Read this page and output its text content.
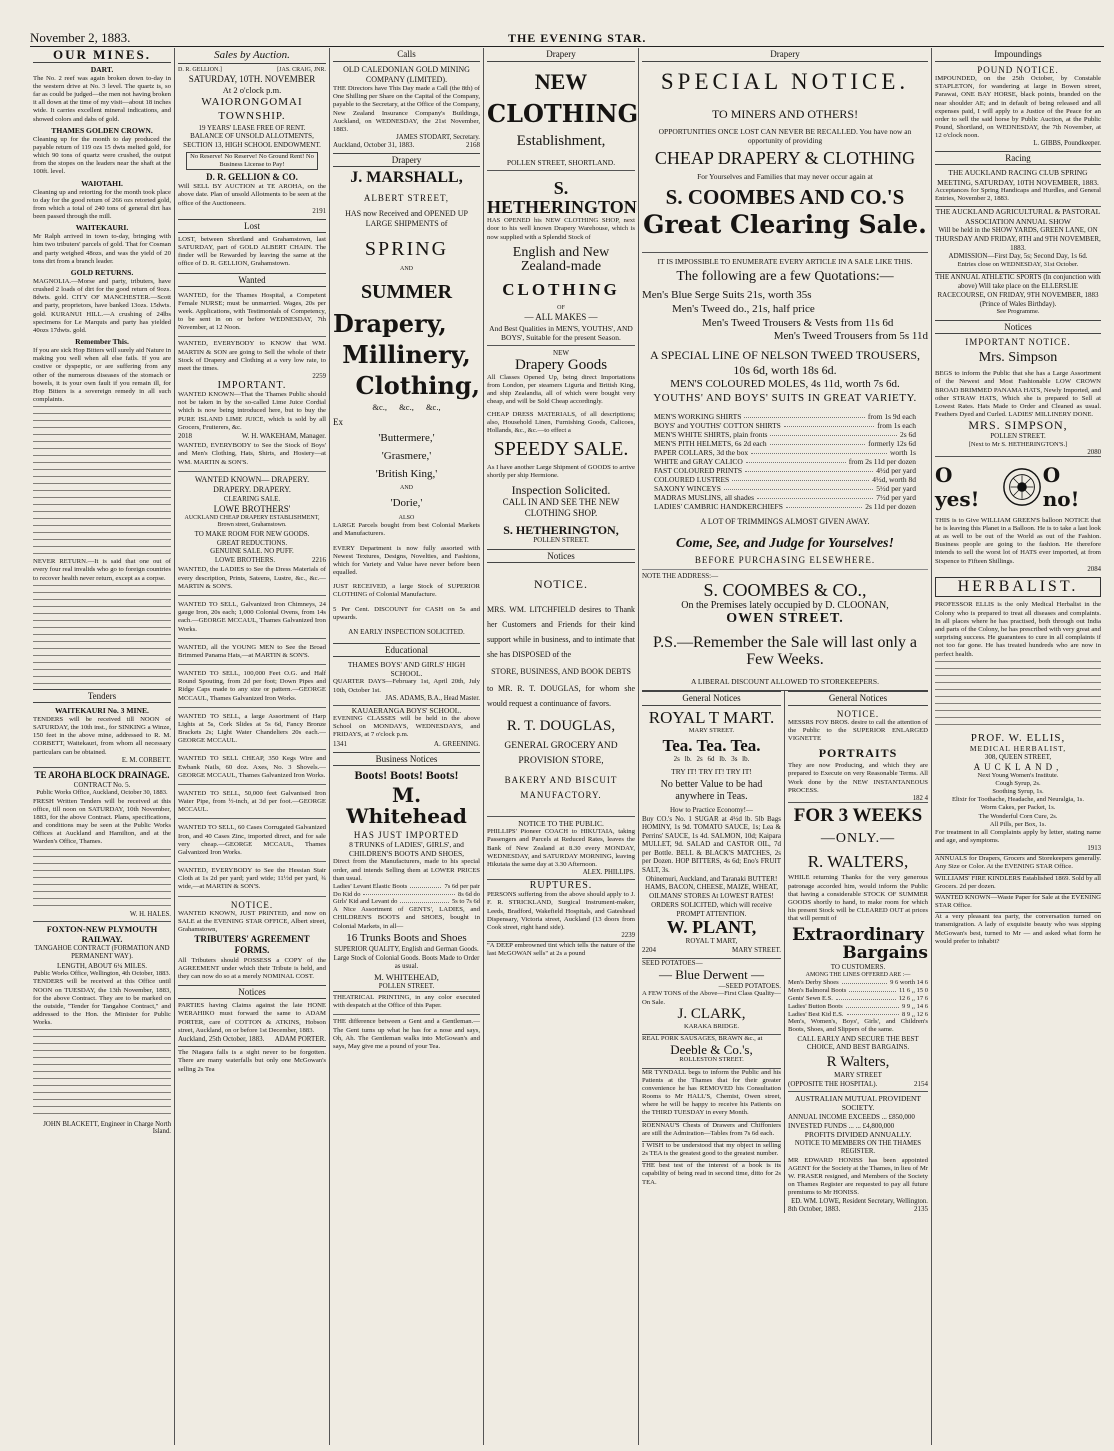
November 2, 1883.	THE EVENING STAR.
OUR MINES.
DART.
The No. 2 reef was again broken down to-day in the western drive at No. 3 level. The quartz is, so far as could be judged—the men not having broken it all down at the time of my visit—about 18 inches wide. It carries excellent mineral indications, and showed colors and dabs of gold.
THAMES GOLDEN CROWN.
Cleaning up for the month to day produced the payable return of 119 ozs 15 dwts melted gold, for which 90 tons of quartz were crushed, the output from the stopes on the leaders near the shaft at the 100ft. level.
WAIOTAHI.
Cleaning up and retorting for the month took place to day for the good return of 266 ozs retorted gold, from which a total of 240 tons of general dirt has been passed through the mill.
WAITEKAURI.
Mr Ralph arrived in town to-day, bringing with him two tributers' parcels of gold. That for Cosman and party weighed 48ozs, and was the yield of 20 tons dirt from a branch leader.
GOLD RETURNS.
MAGNOLIA.—Morse and party, tributers, have crushed 2 loads of dirt for the good return of 9ozs. 8dwts. gold. CITY OF MANCHESTER.—Scott and party, proprietors, have banked 13ozs. 15dwts. gold. KURANUI HILL.—A crushing of 24lbs specimens for Le Marquis and party has yielded 40ozs 17dwts. gold.
Remember This.
If you are sick Hop Bitters will surely aid Nature in making you well when all else fails. If you are costive or dyspeptic, or are suffering from any other of the numerous diseases of the stomach or bowels, it is your own fault if you remain ill, for Hop Bitters is a sovereign remedy in all such complaints.
NEVER RETURN.—It is said that one out of every four real invalids who go to foreign countries to recover health never return, except as a corpse.
Tenders
WAITEKAURI No. 3 MINE.
TENDERS will be received till NOON of SATURDAY, the 10th inst., for SINKING a Winze, 150 feet in the above mine, addressed to R. M. CORBETT, Waitekauri, from whom all necessary particulars can be obtained.
E. M. CORBETT.
TE AROHA BLOCK DRAINAGE.
CONTRACT No. 5.
Public Works Office, Auckland, October 30, 1883.
FRESH Written Tenders will be received at this office, till noon on SATURDAY, 10th November, 1883, for the above Contract. Plans, specifications, and conditions may be seen at the Public Works Offices at Auckland and Hamilton, and at the Warden's Office, Thames.
W. H. HALES.
FOXTON-NEW PLYMOUTH RAILWAY.
TANGAHOE CONTRACT (FORMATION AND PERMANENT WAY).
LENGTH, ABOUT 6¼ MILES.
Public Works Office, Wellington, 4th October, 1883.
TENDERS will be received at this Office until NOON on TUESDAY, the 13th November, 1883, for the above Contract. They are to be marked on the outside, "Tender for Tangahoe Contract," and addressed to the Hon. the Minister for Public Works.
JOHN BLACKETT, Engineer in Charge North Island.
Sales by Auction.
D. R. GELLION.]	[JAS. CRAIG, JNR.
SATURDAY, 10TH. NOVEMBER
At 2 o'clock p.m.
WAIORONGOMAI TOWNSHIP.
19 YEARS' LEASE FREE OF RENT.
BALANCE OF UNSOLD ALLOTMENTS, SECTION 13, HIGH SCHOOL ENDOWMENT.
No Reserve! No Reserve! No Ground Rent! No Business License to Pay!
D. R. GELLION & CO.
Will SELL BY AUCTION at TE AROHA, on the above date. Plan of unsold Allotments to be seen at the office of the Auctioneers.
2191
Lost
LOST, between Shortland and Grahamstown, last SATURDAY, part of GOLD ALBERT CHAIN. The finder will be Rewarded by leaving the same at the office of D. R. GELLION, Grahamstown.
Wanted
WANTED, for the Thames Hospital, a Competent Female NURSE; must be unmarried. Wages, 20s per week. Applications, with Testimonials of Competency, to be sent in on or before WEDNESDAY, 7th November, at 12 Noon.
WANTED, EVERYBODY to KNOW that WM. MARTIN & SON are going to Sell the whole of their Stock of Drapery and Clothing at a very low rate, to meet the times.
2259
IMPORTANT.
WANTED KNOWN—That the Thames Public should not be taken in by the so-called Lime Juice Cordial which is now being introduced here, but to buy the PURE ISLAND LIME JUICE, which is sold by all Grocers, Fruiterers, &c.
2018	W. H. WAKEHAM, Manager.
WANTED, EVERYBODY to See the Stock of Boys' and Men's Clothing, Hats, Shirts, and Hosiery—at WM. MARTIN & SON'S.
WANTED KNOWN— DRAPERY. DRAPERY. DRAPERY.
CLEARING SALE.
LOWE BROTHERS'
AUCKLAND CHEAP DRAPERY ESTABLISHMENT, Brown street, Grahamstown.
TO MAKE ROOM FOR NEW GOODS.
GREAT REDUCTIONS.
GENUINE SALE. NO PUFF.
LOWE BROTHERS.	2216
WANTED, the LADIES to See the Dress Materials of every description, Prints, Sateens, Lustre, &c., &c.—MARTIN & SON'S.
WANTED TO SELL, Galvanized Iron Chimneys, 24 gauge Iron, 20s each; 1,000 Colonial Ovens, from 14s each.—GEORGE MCCAUL, Thames Galvanized Iron Works.
WANTED, all the YOUNG MEN to See the Broad Brimmed Panama Hats,—at MARTIN & SON'S.
WANTED TO SELL, 100,000 Feet O.G. and Half Round Spouting, from 2d per foot; Down Pipes and Ridge Caps made to any size or pattern.—GEORGE MCCAUL, Thames Galvanized Iron Works.
WANTED TO SELL, a large Assortment of Harp Lights at 5s, Cork Slides at 5s 6d, Fancy Bronze Brackets 2s; Light Water Chandeliers 20s each.—GEORGE MCCAUL.
WANTED TO SELL CHEAP, 350 Kegs Wire and Ewbank Nails, 60 doz. Axes, No. 3 Shovels.—GEORGE MCCAUL, Thames Galvanized Iron Works.
WANTED TO SELL, 50,000 feet Galvanised Iron Water Pipe, from ½-inch, at 3d per foot.—GEORGE MCCAUL.
WANTED TO SELL, 60 Cases Corrugated Galvanized Iron, and 40 Cases Zinc, imported direct, and for sale very cheap.—GEORGE MCCAUL, Thames Galvanized Iron Works.
WANTED, EVERYBODY to See the Hessian Stair Cloth at 1s 2d per yard; yard wide; 11½d per yard, ¾ wide,—at MARTIN & SON'S.
NOTICE.
WANTED KNOWN, JUST PRINTED, and now on SALE at the EVENING STAR OFFICE, Albert street, Grahamstown,
TRIBUTERS' AGREEMENT FORMS.
All Tributers should POSSESS a COPY of the AGREEMENT under which their Tribute is held, and they can now do so at a merely NOMINAL COST.
Notices
PARTIES having Claims against the late HONE WERAHIKO must forward the same to ADAM PORTER, care of COTTON & ATKINS, Hobson street, Auckland, on or before 1st December, 1883.
Auckland, 25th October, 1883. ADAM PORTER.
The Niagara falls is a sight never to be forgotten. There are many waterfalls but only one McGowan's selling 2s Tea
Calls
OLD CALEDONIAN GOLD MINING COMPANY (LIMITED).
THE Directors have This Day made a Call (the 8th) of One Shilling per Share on the Capital of the Company, payable to the Secretary, at the Office of the Company, New Zealand Insurance Company's Buildings, Auckland, on WEDNESDAY, the 21st November, 1883.
JAMES STODART, Secretary.
Auckland, October 31, 1883.	2168
Drapery
J. MARSHALL,
ALBERT STREET,
HAS now Received and OPENED UP LARGE SHIPMENTS of
SPRING
AND
SUMMER
Drapery,
Millinery,
Clothing,
&c., &c., &c.,
Ex
'Buttermere,'
'Grasmere,'
'British King,'
AND
'Dorie,'
ALSO
LARGE Parcels bought from best Colonial Markets and Manufacturers.
EVERY Department is now fully assorted with Newest Textures, Designs, Novelties, and Fashions, which for Variety and Value have never before been equalled.
JUST RECEIVED, a large Stock of SUPERIOR CLOTHING of Colonial Manufacture.
5 Per Cent. DISCOUNT for CASH on 5s and upwards.
AN EARLY INSPECTION SOLICITED.
Educational
THAMES BOYS' AND GIRLS' HIGH SCHOOL.
QUARTER DAYS—February 1st, April 20th, July 10th, October 1st.
JAS. ADAMS, B.A., Head Master.
KAUAERANGA BOYS' SCHOOL.
EVENING CLASSES will be held in the above School on MONDAYS, WEDNESDAYS, and FRIDAYS, at 7 o'clock p.m.
1341	A. GREENING.
Business Notices
Boots! Boots! Boots!
M. Whitehead
HAS JUST IMPORTED
8 TRUNKS of LADIES', GIRLS', and CHILDREN'S BOOTS AND SHOES,
Direct from the Manufacturers, made to his special order, and intends Selling them at LOWER PRICES than usual.
Ladies' Levant Elastic Boots	7s 6d per pair
Do Kid do	8s 6d do
Girls' Kid and Levant do	5s to 7s 6d
A Nice Assortment of GENTS', LADIES, and CHILDREN'S BOOTS and SHOES, bought in Colonial Markets, in all—
16 Trunks Boots and Shoes
SUPERIOR QUALITY, English and German Goods. Large Stock of Colonial Goods. Boots Made to Order as usual.
M. WHITEHEAD,
POLLEN STREET.
THEATRICAL PRINTING, in any color executed with despatch at the Office of this Paper.
THE difference between a Gent and a Gentleman.—The Gent turns up what he has for a nose and says, Oh, Ah. The Gentleman walks into McGowan's and says, May give me a pound of your Tea.
Drapery
NEW
CLOTHING
Establishment,
POLLEN STREET, SHORTLAND.
S. HETHERINGTON
HAS OPENED his NEW CLOTHING SHOP, next door to his well known Drapery Warehouse, which is now supplied with a Splendid Stock of
English and New Zealand-made
CLOTHING
OF
— ALL MAKES —
And Best Qualities in MEN'S, YOUTHS', AND BOYS', Suitable for the present Season.
NEW
Drapery Goods
All Classes Opened Up, being direct Importations from London, per steamers Liguria and British King, and ship Zealandia, all of which were bought very cheap, and will be Sold Cheap accordingly.
CHEAP DRESS MATERIALS, of all descriptions; also, Household Linen, Furnishing Goods, Calicoes, Hollands, &c., &c.—to effect a
SPEEDY SALE.
As I have another Large Shipment of GOODS to arrive shortly per ship Hermione.
Inspection Solicited.
CALL IN AND SEE THE NEW CLOTHING SHOP.
S. HETHERINGTON,
POLLEN STREET.
Notices
NOTICE.
MRS. WM. LITCHFIELD desires to Thank her Customers and Friends for their kind support while in business, and to intimate that she has DISPOSED of the
STORE, BUSINESS, AND BOOK DEBTS
to MR. R. T. DOUGLAS, for whom she would request a continuance of favors.
R. T. DOUGLAS,
GENERAL GROCERY AND PROVISION STORE,
BAKERY AND BISCUIT MANUFACTORY.
NOTICE TO THE PUBLIC.
PHILLIPS' Pioneer COACH to HIKUTAIA, taking Passengers and Parcels at Reduced Rates, leaves the Bank of New Zealand at 8.30 every MONDAY, WEDNESDAY, and SATURDAY MORNING, leaving Hikutaia the same day at 3.30 Afternoon.
ALEX. PHILLIPS.
RUPTURES.
PERSONS suffering from the above should apply to J. F. R. STRICKLAND, Surgical Instrument-maker, Leeds, Bradford, Wakefield Hospitals, and Gateshead Dispensary, Victoria street, Auckland (13 doors from Cook street, right hand side).
2239
"A DEEP embrowned tint which tells the nature of the last McGOWAN sells" at 2s a pound
Drapery
SPECIAL NOTICE.
TO MINERS AND OTHERS!
OPPORTUNITIES ONCE LOST CAN NEVER BE RECALLED. You have now an opportunity of providing
CHEAP DRAPERY & CLOTHING
For Yourselves and Families that may never occur again at
S. COOMBES AND CO.'S
Great Clearing Sale.
IT IS IMPOSSIBLE TO ENUMERATE EVERY ARTICLE IN A SALE LIKE THIS.
The following are a few Quotations:—
Men's Blue Serge Suits 21s, worth 35s
Men's Tweed do., 21s, half price
Men's Tweed Trousers & Vests from 11s 6d
Men's Tweed Trousers from 5s 11d
A SPECIAL LINE OF NELSON TWEED TROUSERS, 10s 6d, worth 18s 6d.
MEN'S COLOURED MOLES, 4s 11d, worth 7s 6d.
YOUTHS' AND BOYS' SUITS IN GREAT VARIETY.
MEN'S WORKING SHIRTS	from 1s 9d each
BOYS' and YOUTHS' COTTON SHIRTS	from 1s each
MEN'S WHITE SHIRTS, plain fronts	2s 6d
MEN'S PITH HELMETS, 6s 2d each	formerly 12s 6d
PAPER COLLARS, 3d the box	worth 1s
WHITE and GRAY CALICO	from 2s 11d per dozen
FAST COLOURED PRINTS	4½d per yard
COLOURED LUSTRES	4½d, worth 8d
SAXONY WINCEYS	5½d per yard
MADRAS MUSLINS, all shades	7½d per yard
LADIES' CAMBRIC HANDKERCHIEFS	2s 11d per dozen
A LOT OF TRIMMINGS ALMOST GIVEN AWAY.
Come, See, and Judge for Yourselves!
BEFORE PURCHASING ELSEWHERE.
NOTE THE ADDRESS:—
S. COOMBES & CO.,
On the Premises lately occupied by D. CLOONAN,
OWEN STREET.
P.S.—Remember the Sale will last only a Few Weeks.
A LIBERAL DISCOUNT ALLOWED TO STOREKEEPERS.
General Notices
ROYAL T MART.
MARY STREET.
Tea. Tea. Tea.
2s lb. 2s 6d lb. 3s lb.
TRY IT! TRY IT! TRY IT!
No better Value to be had anywhere in Teas.
How to Practice Economy!—
Buy CO.'s No. 1 SUGAR at 4½d lb. 5lb Bags HOMINY, 1s 9d. TOMATO SAUCE, 1s; Lea & Perrins' SAUCE, 1s 4d. SALMON, 10d; Kaipara MULLET, 9d. SALAD and CASTOR OIL, 7d per Bottle. BELL & BLACK'S MATCHES, 2s per Dozen. HOP BITTERS, 4s 6d; Eno's FRUIT SALT, 3s.
Ohinemuri, Auckland, and Taranaki BUTTER!
HAMS, BACON, CHEESE, MAIZE, WHEAT, OILMANS' STORES At LOWEST RATES!
ORDERS SOLICITED, which will receive PROMPT ATTENTION.
W. PLANT,
ROYAL T MART,
2204	MARY STREET.
SEED POTATOES—
— Blue Derwent —
—SEED POTATOES.
A FEW TONS of the Above—First Class Quality—On Sale.
J. CLARK,
KARAKA BRIDGE.
REAL PORK SAUSAGES, BRAWN &c., at
Deeble & Co.'s,
ROLLESTON STREET.
MR TYNDALL begs to inform the Public and his Patients at the Thames that for their greater convenience he has REMOVED his Consultation Rooms to Mr HALL'S, Chemist, Owen street, where he will be happy to receive his Patients on the THIRD TUESDAY in every Month.
ROENNAU'S Chests of Drawers and Chiffoniers are still the Admiration—Tables from 7s 6d each.
I WISH to be understood that my object in selling 2s TEA is the greatest good to the greatest number.
THE best test of the interest of a book is its capability of being read in second time, ditto for 2s TEA.
General Notices
NOTICE.
MESSRS FOY BROS. desire to call the attention of the Public to the SUPERIOR ENLARGED VIGNETTE
PORTRAITS
They are now Producing, and which they are prepared to Execute on very Reasonable Terms. All Work done by the NEW INSTANTANEOUS PROCESS.
182 4
FOR 3 WEEKS
—ONLY.—
R. WALTERS,
WHILE returning Thanks for the very generous patronage accorded him, would inform the Public that having a considerable STOCK OF SUMMER GOODS shortly to hand, to make room for which his present Stock will be CLEARED OUT at prices that will permit of
Extraordinary
Bargains
TO CUSTOMERS.
AMONG THE LINES OFFERED ARE :—
Men's Derby Shoes	9 6 worth 14 6
Men's Balmoral Boots	11 6 ,, 15 0
Gents' Sewn E.S.	12 6 ,, 17 6
Ladies' Button Boots	9 9 ,, 14 6
Ladies' Best Kid E.S.	8 9 ,, 12 6
Men's, Women's, Boys', Girls', and Children's Boots, Shoes, and Slippers of the same.
CALL EARLY AND SECURE THE BEST CHOICE, AND BEST BARGAINS.
R Walters,
MARY STREET
(OPPOSITE THE HOSPITAL).	2154
AUSTRALIAN MUTUAL PROVIDENT SOCIETY.
ANNUAL INCOME EXCEEDS ... £850,000
INVESTED FUNDS ... ... £4,800,000
PROFITS DIVIDED ANNUALLY.
NOTICE TO MEMBERS ON THE THAMES REGISTER.
MR EDWARD HONISS has been appointed AGENT for the Society at the Thames, in lieu of Mr W. FRASER resigned, and Members of the Society on Thames Register are requested to pay all future premiums to Mr HONISS.
ED. WM. LOWE, Resident Secretary, Wellington.
8th October, 1883.	2135
Impoundings
POUND NOTICE.
IMPOUNDED, on the 25th October, by Constable STAPLETON, for wandering at large in Bowen street, Parawai, ONE BAY HORSE, black points, branded on the near shoulder AE; and in default of being released and all expenses paid, I will apply to a Justice of the Peace for an order to sell the said horse by Public Auction, at the Public Pound, Shortland, on WEDNESDAY, the 7th November, at 12 o'clock noon.
L. GIBBS, Poundkeeper.
Racing
THE AUCKLAND RACING CLUB SPRING MEETING, SATURDAY, 10TH NOVEMBER, 1883.
Acceptances for Spring Handicaps and Hurdles, and General Entries, November 2, 1883.
THE AUCKLAND AGRICULTURAL & PASTORAL ASSOCIATION ANNUAL SHOW
Will be held in the SHOW YARDS, GREEN LANE, ON THURSDAY AND FRIDAY, 8TH and 9TH NOVEMBER, 1883.
ADMISSION—First Day, 5s; Second Day, 1s 6d.
Entries close on WEDNESDAY, 31st October.
THE ANNUAL ATHLETIC SPORTS (In conjunction with above) Will take place on the ELLERSLIE RACECOURSE, ON FRIDAY, 9TH NOVEMBER, 1883 (Prince of Wales Birthday).
See Programme.
Notices
IMPORTANT NOTICE.
Mrs. Simpson
BEGS to inform the Public that she has a Large Assortment of the Newest and Most Fashionable LOW CROWN BROAD BRIMMED PANAMA HATS, Newly Imported, and other STRAW HATS, Which she is prepared to Sell at Lowest Rates. Hats Made to Order and Cleaned as usual. Feathers Dyed and Curled. LADIES' MILLINERY DONE.
MRS. SIMPSON,
POLLEN STREET.
[Next to Mr S. HETHERINGTON'S.]
2080
O yes!
O no!
THIS is to Give WILLIAM GREEN'S balloon NOTICE that he is leaving this Planet in a Balloon. He is to take a last look at as well to be out of the World as out of the Fashion. Business people are going to the fashion. He therefore intends to sell the worst lot of HATS ever imported, at from Sixpence to Fifteen Shillings.
2084
HERBALIST.
PROFESSOR ELLIS is the only Medical Herbalist in the Colony who is prepared to treat all diseases and complaints. In all places where he has practised, both through out India and parts of the Colony, he has prescribed with very great and surprising success. He guarantees to cure in all complaints if not too far gone. He has treated hundreds who are now in perfect health.
PROF. W. ELLIS,
MEDICAL HERBALIST,
308, QUEEN STREET,
AUCKLAND,
Next Young Women's Institute.
Cough Syrup, 2s.
Soothing Syrup, 1s.
Elixir for Toothache, Headache, and Neuralgia, 1s.
Worm Cakes, per Packet, 1s.
The Wonderful Corn Cure, 2s.
All Pills, per Box, 1s.
For treatment in all Complaints apply by letter, stating name and age, and symptoms.
1913
ANNUALS for Drapers, Grocers and Storekeepers generally. Any Size or Color. At the EVENING STAR Office.
WILLIAMS' FIRE KINDLERS Established 1869. Sold by all Grocers. 2d per dozen.
WANTED KNOWN—Waste Paper for Sale at the EVENING STAR Office.
At a very pleasant tea party, the conversation turned on transmigration. A lady of exquisite beauty who was sipping McGowan's best, turned to Mr — and asked what form he would prefer to inhabit?
